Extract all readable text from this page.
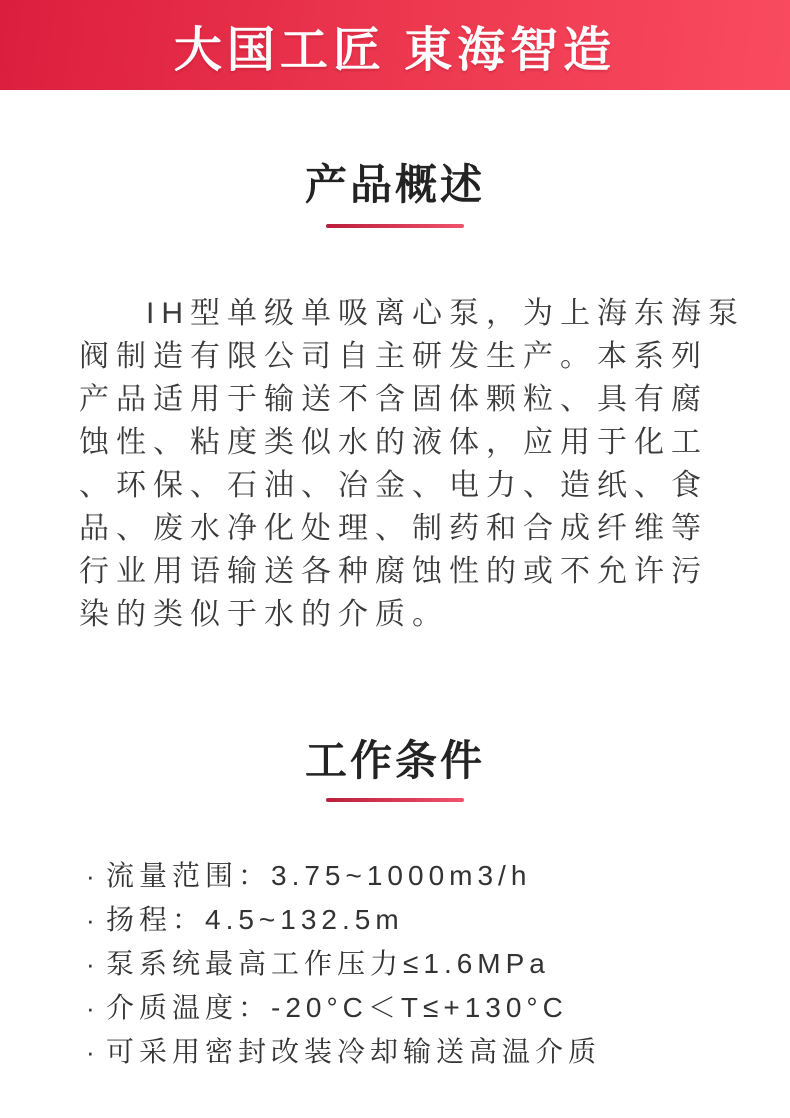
大国工匠 東海智造
产品概述
IH型单级单吸离心泵，为上海东海泵
阀制造有限公司自主研发生产。本系列
产品适用于输送不含固体颗粒、具有腐
蚀性、粘度类似水的液体，应用于化工
、环保、石油、冶金、电力、造纸、食
品、废水净化处理、制药和合成纤维等
行业用语输送各种腐蚀性的或不允许污
染的类似于水的介质。
工作条件
· 流量范围：3.75~1000m3/h
· 扬程：4.5~132.5m
· 泵系统最高工作压力≤1.6MPa
· 介质温度：-20°C＜T≤+130°C
· 可采用密封改装冷却输送高温介质
